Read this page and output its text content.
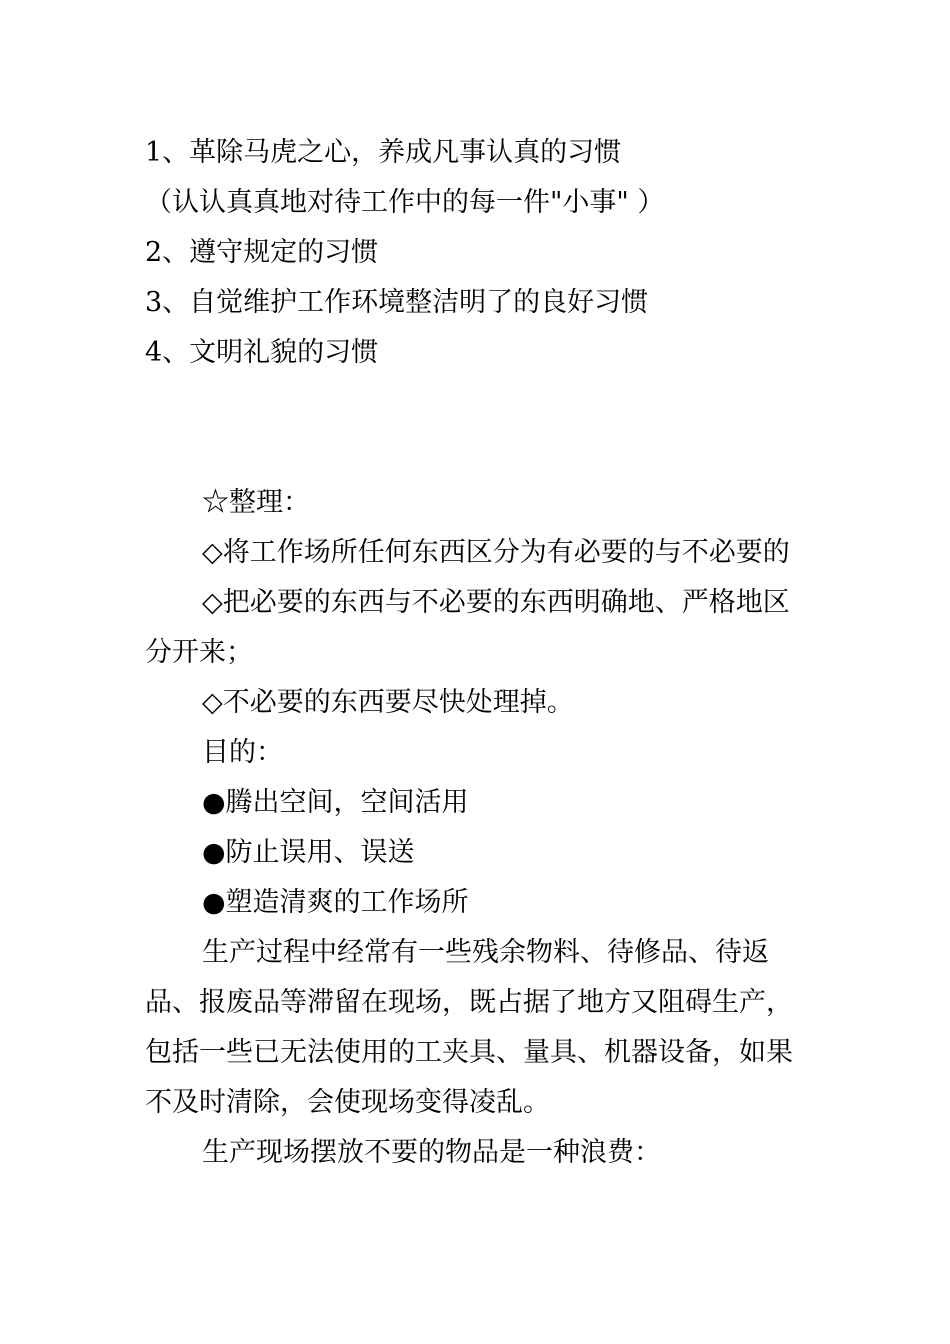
1、革除马虎之心，养成凡事认真的习惯

（认认真真地对待工作中的每一件"小事" ）

2、遵守规定的习惯

3、自觉维护工作环境整洁明了的良好习惯

4、文明礼貌的习惯

☆整理：

◇将工作场所任何东西区分为有必要的与不必要的

◇把必要的东西与不必要的东西明确地、严格地区分开来；

◇不必要的东西要尽快处理掉。

目的：

●腾出空间，空间活用

●防止误用、误送

●塑造清爽的工作场所

生产过程中经常有一些残余物料、待修品、待返品、报废品等滞留在现场，既占据了地方又阻碍生产，包括一些已无法使用的工夹具、量具、机器设备，如果不及时清除，会使现场变得凌乱。

生产现场摆放不要的物品是一种浪费：
